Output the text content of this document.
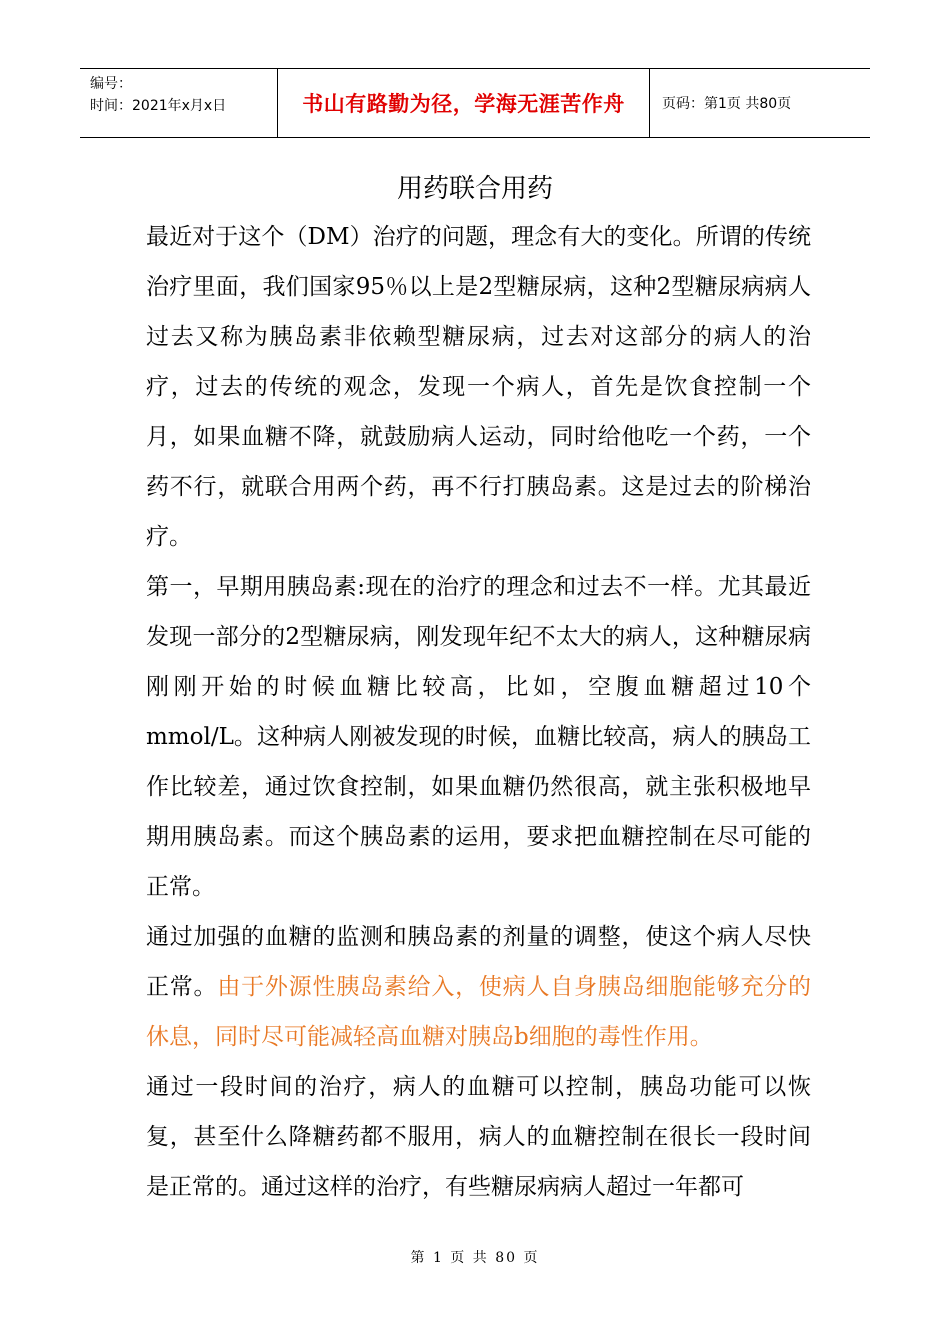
编号：
时间：2021年x月x日	书山有路勤为径，学海无涯苦作舟	页码：第1页 共80页
用药联合用药

最近对于这个（DM）治疗的问题，理念有大的变化。所谓的传统治疗里面，我们国家95％以上是2型糖尿病，这种2型糖尿病病人过去又称为胰岛素非依赖型糖尿病，过去对这部分的病人的治疗，过去的传统的观念，发现一个病人，首先是饮食控制一个月，如果血糖不降，就鼓励病人运动，同时给他吃一个药，一个药不行，就联合用两个药，再不行打胰岛素。这是过去的阶梯治疗。

第一，早期用胰岛素:现在的治疗的理念和过去不一样。尤其最近发现一部分的2型糖尿病，刚发现年纪不太大的病人，这种糖尿病刚刚开始的时候血糖比较高，比如，空腹血糖超过10个mmol/L。这种病人刚被发现的时候，血糖比较高，病人的胰岛工作比较差，通过饮食控制，如果血糖仍然很高，就主张积极地早期用胰岛素。而这个胰岛素的运用，要求把血糖控制在尽可能的正常。

通过加强的血糖的监测和胰岛素的剂量的调整，使这个病人尽快正常。由于外源性胰岛素给入，使病人自身胰岛细胞能够充分的休息，同时尽可能减轻高血糖对胰岛b细胞的毒性作用。

通过一段时间的治疗，病人的血糖可以控制，胰岛功能可以恢复，甚至什么降糖药都不服用，病人的血糖控制在很长一段时间是正常的。通过这样的治疗，有些糖尿病病人超过一年都可

第 1 页 共 80 页
